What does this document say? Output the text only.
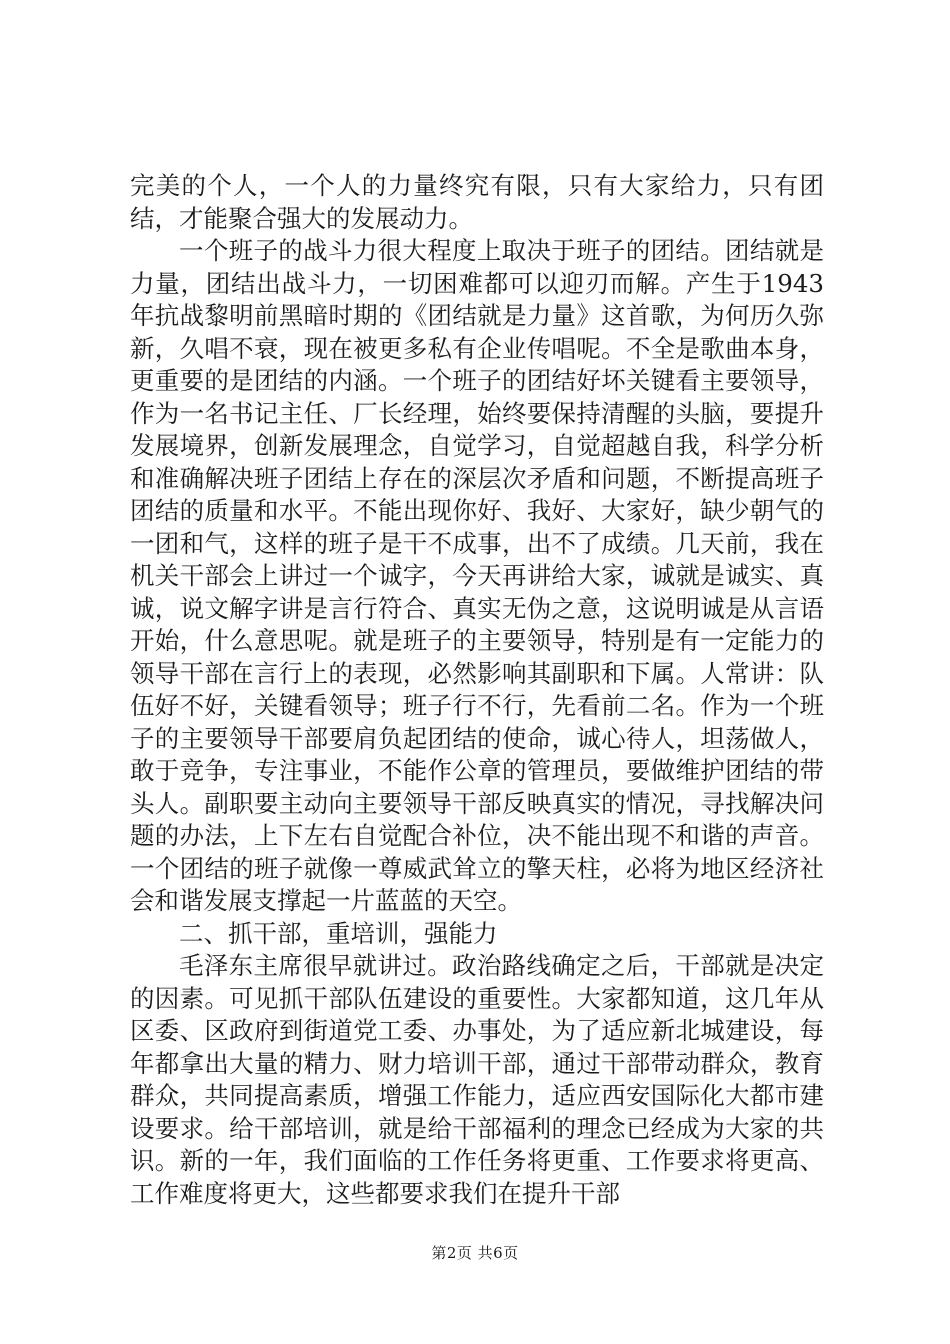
完美的个人，一个人的力量终究有限，只有大家给力，只有团结，才能聚合强大的发展动力。

一个班子的战斗力很大程度上取决于班子的团结。团结就是力量，团结出战斗力，一切困难都可以迎刃而解。产生于1943年抗战黎明前黑暗时期的《团结就是力量》这首歌，为何历久弥新，久唱不衰，现在被更多私有企业传唱呢。不全是歌曲本身，更重要的是团结的内涵。一个班子的团结好坏关键看主要领导，作为一名书记主任、厂长经理，始终要保持清醒的头脑，要提升发展境界，创新发展理念，自觉学习，自觉超越自我，科学分析和准确解决班子团结上存在的深层次矛盾和问题，不断提高班子团结的质量和水平。不能出现你好、我好、大家好，缺少朝气的一团和气，这样的班子是干不成事，出不了成绩。几天前，我在机关干部会上讲过一个诚字，今天再讲给大家，诚就是诚实、真诚，说文解字讲是言行符合、真实无伪之意，这说明诚是从言语开始，什么意思呢。就是班子的主要领导，特别是有一定能力的领导干部在言行上的表现，必然影响其副职和下属。人常讲：队伍好不好，关键看领导；班子行不行，先看前二名。作为一个班子的主要领导干部要肩负起团结的使命，诚心待人，坦荡做人，敢于竞争，专注事业，不能作公章的管理员，要做维护团结的带头人。副职要主动向主要领导干部反映真实的情况，寻找解决问题的办法，上下左右自觉配合补位，决不能出现不和谐的声音。一个团结的班子就像一尊威武耸立的擎天柱，必将为地区经济社会和谐发展支撑起一片蓝蓝的天空。

二、抓干部，重培训，强能力

毛泽东主席很早就讲过。政治路线确定之后，干部就是决定的因素。可见抓干部队伍建设的重要性。大家都知道，这几年从区委、区政府到街道党工委、办事处，为了适应新北城建设，每年都拿出大量的精力、财力培训干部，通过干部带动群众，教育群众，共同提高素质，增强工作能力，适应西安国际化大都市建设要求。给干部培训，就是给干部福利的理念已经成为大家的共识。新的一年，我们面临的工作任务将更重、工作要求将更高、工作难度将更大，这些都要求我们在提升干部

第2页 共6页
